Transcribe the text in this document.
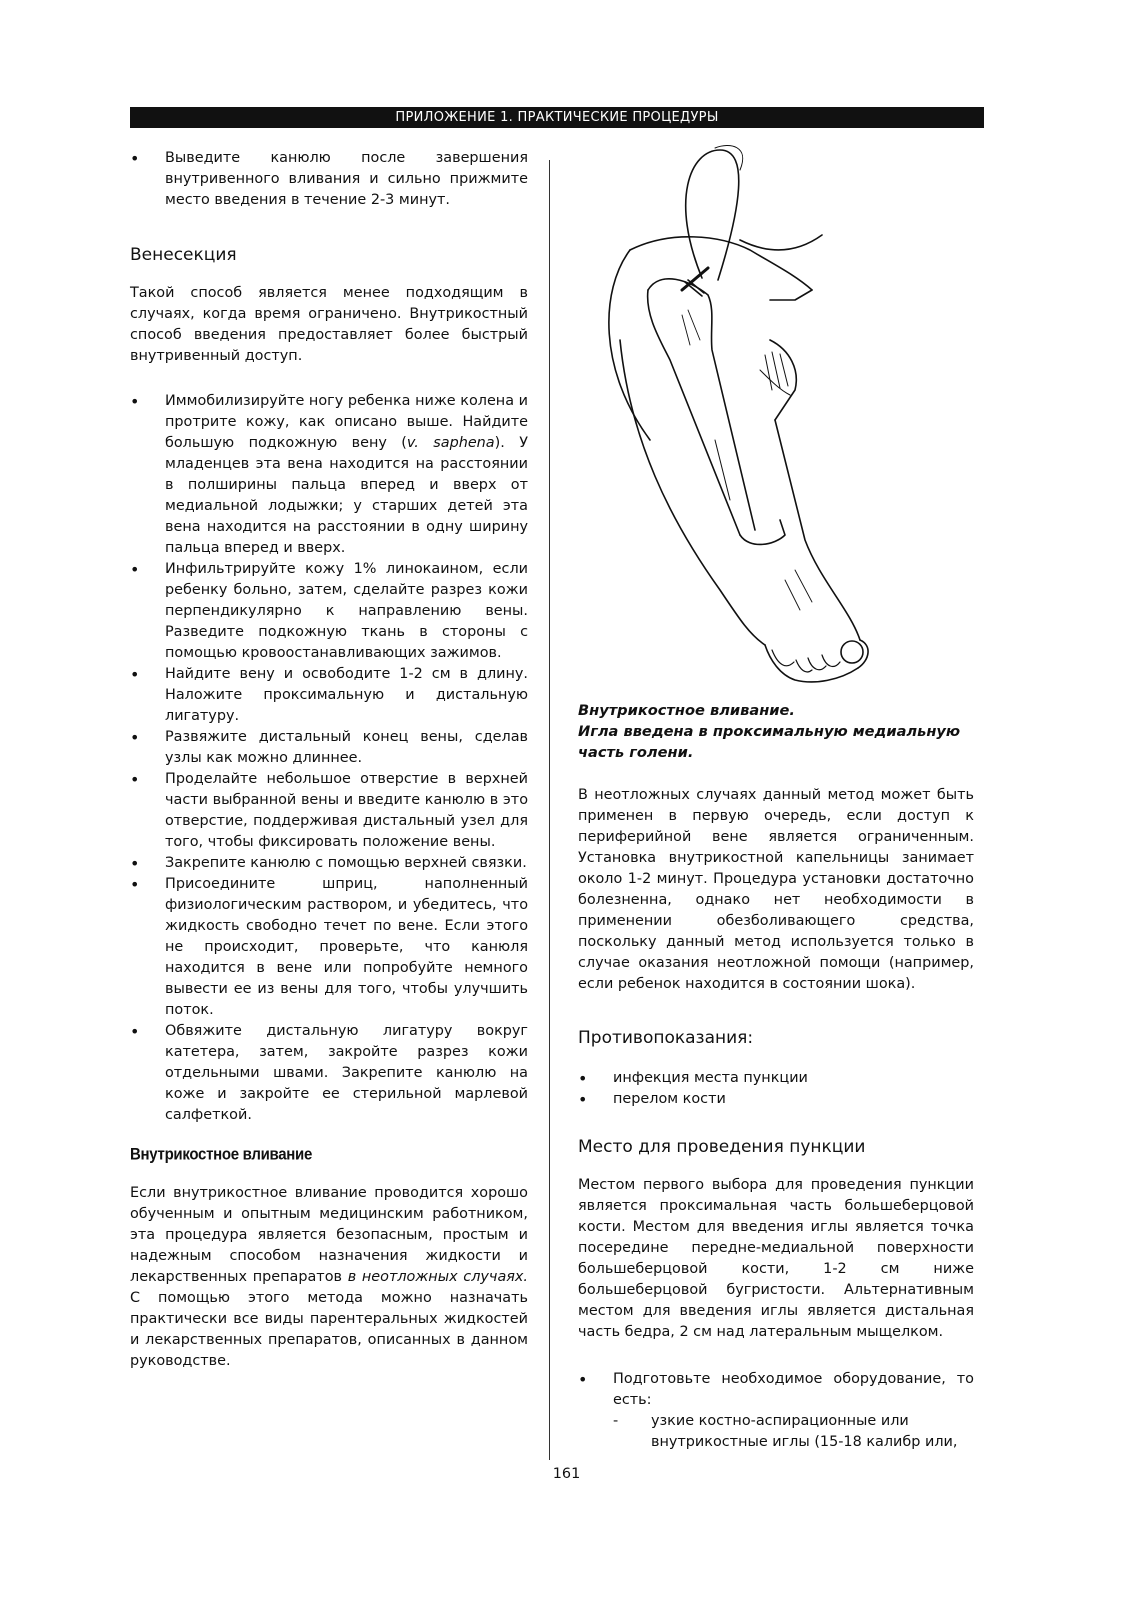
ПРИЛОЖЕНИЕ 1. ПРАКТИЧЕСКИЕ ПРОЦЕДУРЫ
• Выведите канюлю после завершения внутривенного вливания и сильно прижмите место введения в течение 2-3 минут.
Венесекция

Такой способ является менее подходящим в случаях, когда время ограничено. Внутрикостный способ введения предоставляет более быстрый внутривенный доступ.

• Иммобилизируйте ногу ребенка ниже колена и протрите кожу, как описано выше. Найдите большую подкожную вену (v. saphena). У младенцев эта вена находится на расстоянии в полширины пальца вперед и вверх от медиальной лодыжки; у старших детей эта вена находится на расстоянии в одну ширину пальца вперед и вверх.
• Инфильтрируйте кожу 1% линокаином, если ребенку больно, затем, сделайте разрез кожи перпендикулярно к направлению вены. Разведите подкожную ткань в стороны с помощью кровоостанавливающих зажимов.
• Найдите вену и освободите 1-2 см в длину. Наложите проксимальную и дистальную лигатуру.
• Развяжите дистальный конец вены, сделав узлы как можно длиннее.
• Проделайте небольшое отверстие в верхней части выбранной вены и введите канюлю в это отверстие, поддерживая дистальный узел для того, чтобы фиксировать положение вены.
• Закрепите канюлю с помощью верхней связки.
• Присоедините шприц, наполненный физиологическим раствором, и убедитесь, что жидкость свободно течет по вене. Если этого не происходит, проверьте, что канюля находится в вене или попробуйте немного вывести ее из вены для того, чтобы улучшить поток.
• Обвяжите дистальную лигатуру вокруг катетера, затем, закройте разрез кожи отдельными швами. Закрепите канюлю на коже и закройте ее стерильной марлевой салфеткой.
Внутрикостное вливание

Если внутрикостное вливание проводится хорошо обученным и опытным медицинским работником, эта процедура является безопасным, простым и надежным способом назначения жидкости и лекарственных препаратов в неотложных случаях. С помощью этого метода можно назначать практически все виды парентеральных жидкостей и лекарственных препаратов, описанных в данном руководстве.

Внутрикостное вливание.

Игла введена в проксимальную медиальную часть голени.

В неотложных случаях данный метод может быть применен в первую очередь, если доступ к периферийной вене является ограниченным. Установка внутрикостной капельницы занимает около 1-2 минут. Процедура установки достаточно болезненна, однако нет необходимости в применении обезболивающего средства, поскольку данный метод используется только в случае оказания неотложной помощи (например, если ребенок находится в состоянии шока).

Противопоказания:
• инфекция места пункции
• перелом кости
Место для проведения пункции

Местом первого выбора для проведения пункции является проксимальная часть большеберцовой кости. Местом для введения иглы является точка посередине передне-медиальной поверхности большеберцовой кости, 1-2 см ниже большеберцовой бугристости. Альтернативным местом для введения иглы является дистальная часть бедра, 2 см над латеральным мыщелком.

• Подготовьте необходимое оборудование, то есть:
- узкие костно-аспирационные или внутрикостные иглы (15-18 калибр или,
161
